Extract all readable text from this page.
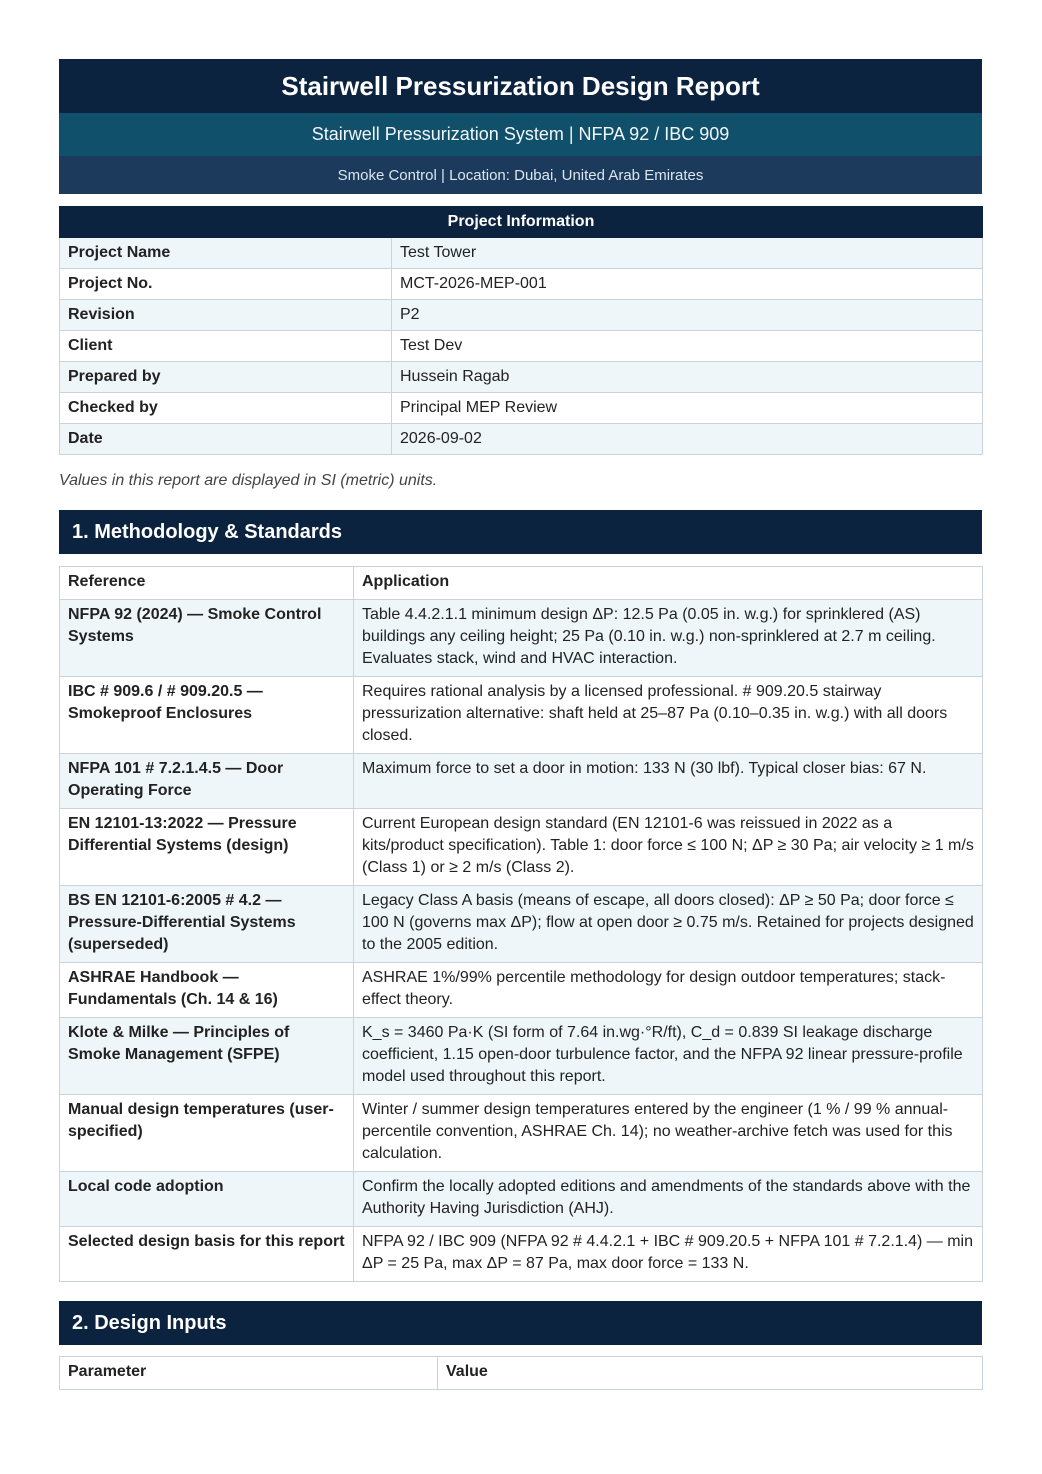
Stairwell Pressurization Design Report
Stairwell Pressurization System | NFPA 92 / IBC 909
Smoke Control | Location: Dubai, United Arab Emirates
Project Information	
Project Name	Test Tower
Project No.	MCT-2026-MEP-001
Revision	P2
Client	Test Dev
Prepared by	Hussein Ragab
Checked by	Principal MEP Review
Date	2026-09-02
Values in this report are displayed in SI (metric) units.
1. Methodology & Standards
Reference	Application
NFPA 92 (2024) — Smoke Control Systems	Table 4.4.2.1.1 minimum design ΔP: 12.5 Pa (0.05 in. w.g.) for sprinklered (AS) buildings any ceiling height; 25 Pa (0.10 in. w.g.) non-sprinklered at 2.7 m ceiling. Evaluates stack, wind and HVAC interaction.
IBC # 909.6 / # 909.20.5 — Smokeproof Enclosures	Requires rational analysis by a licensed professional. # 909.20.5 stairway pressurization alternative: shaft held at 25–87 Pa (0.10–0.35 in. w.g.) with all doors closed.
NFPA 101 # 7.2.1.4.5 — Door Operating Force	Maximum force to set a door in motion: 133 N (30 lbf). Typical closer bias: 67 N.
EN 12101-13:2022 — Pressure Differential Systems (design)	Current European design standard (EN 12101-6 was reissued in 2022 as a kits/product specification). Table 1: door force ≤ 100 N; ΔP ≥ 30 Pa; air velocity ≥ 1 m/s (Class 1) or ≥ 2 m/s (Class 2).
BS EN 12101-6:2005 # 4.2 — Pressure-Differential Systems (superseded)	Legacy Class A basis (means of escape, all doors closed): ΔP ≥ 50 Pa; door force ≤ 100 N (governs max ΔP); flow at open door ≥ 0.75 m/s. Retained for projects designed to the 2005 edition.
ASHRAE Handbook — Fundamentals (Ch. 14 & 16)	ASHRAE 1%/99% percentile methodology for design outdoor temperatures; stack-effect theory.
Klote & Milke — Principles of Smoke Management (SFPE)	K_s = 3460 Pa·K (SI form of 7.64 in.wg·°R/ft), C_d = 0.839 SI leakage discharge coefficient, 1.15 open-door turbulence factor, and the NFPA 92 linear pressure-profile model used throughout this report.
Manual design temperatures (user-specified)	Winter / summer design temperatures entered by the engineer (1 % / 99 % annual-percentile convention, ASHRAE Ch. 14); no weather-archive fetch was used for this calculation.
Local code adoption	Confirm the locally adopted editions and amendments of the standards above with the Authority Having Jurisdiction (AHJ).
Selected design basis for this report	NFPA 92 / IBC 909 (NFPA 92 # 4.4.2.1 + IBC # 909.20.5 + NFPA 101 # 7.2.1.4) — min ΔP = 25 Pa, max ΔP = 87 Pa, max door force = 133 N.
2. Design Inputs
Parameter	Value
